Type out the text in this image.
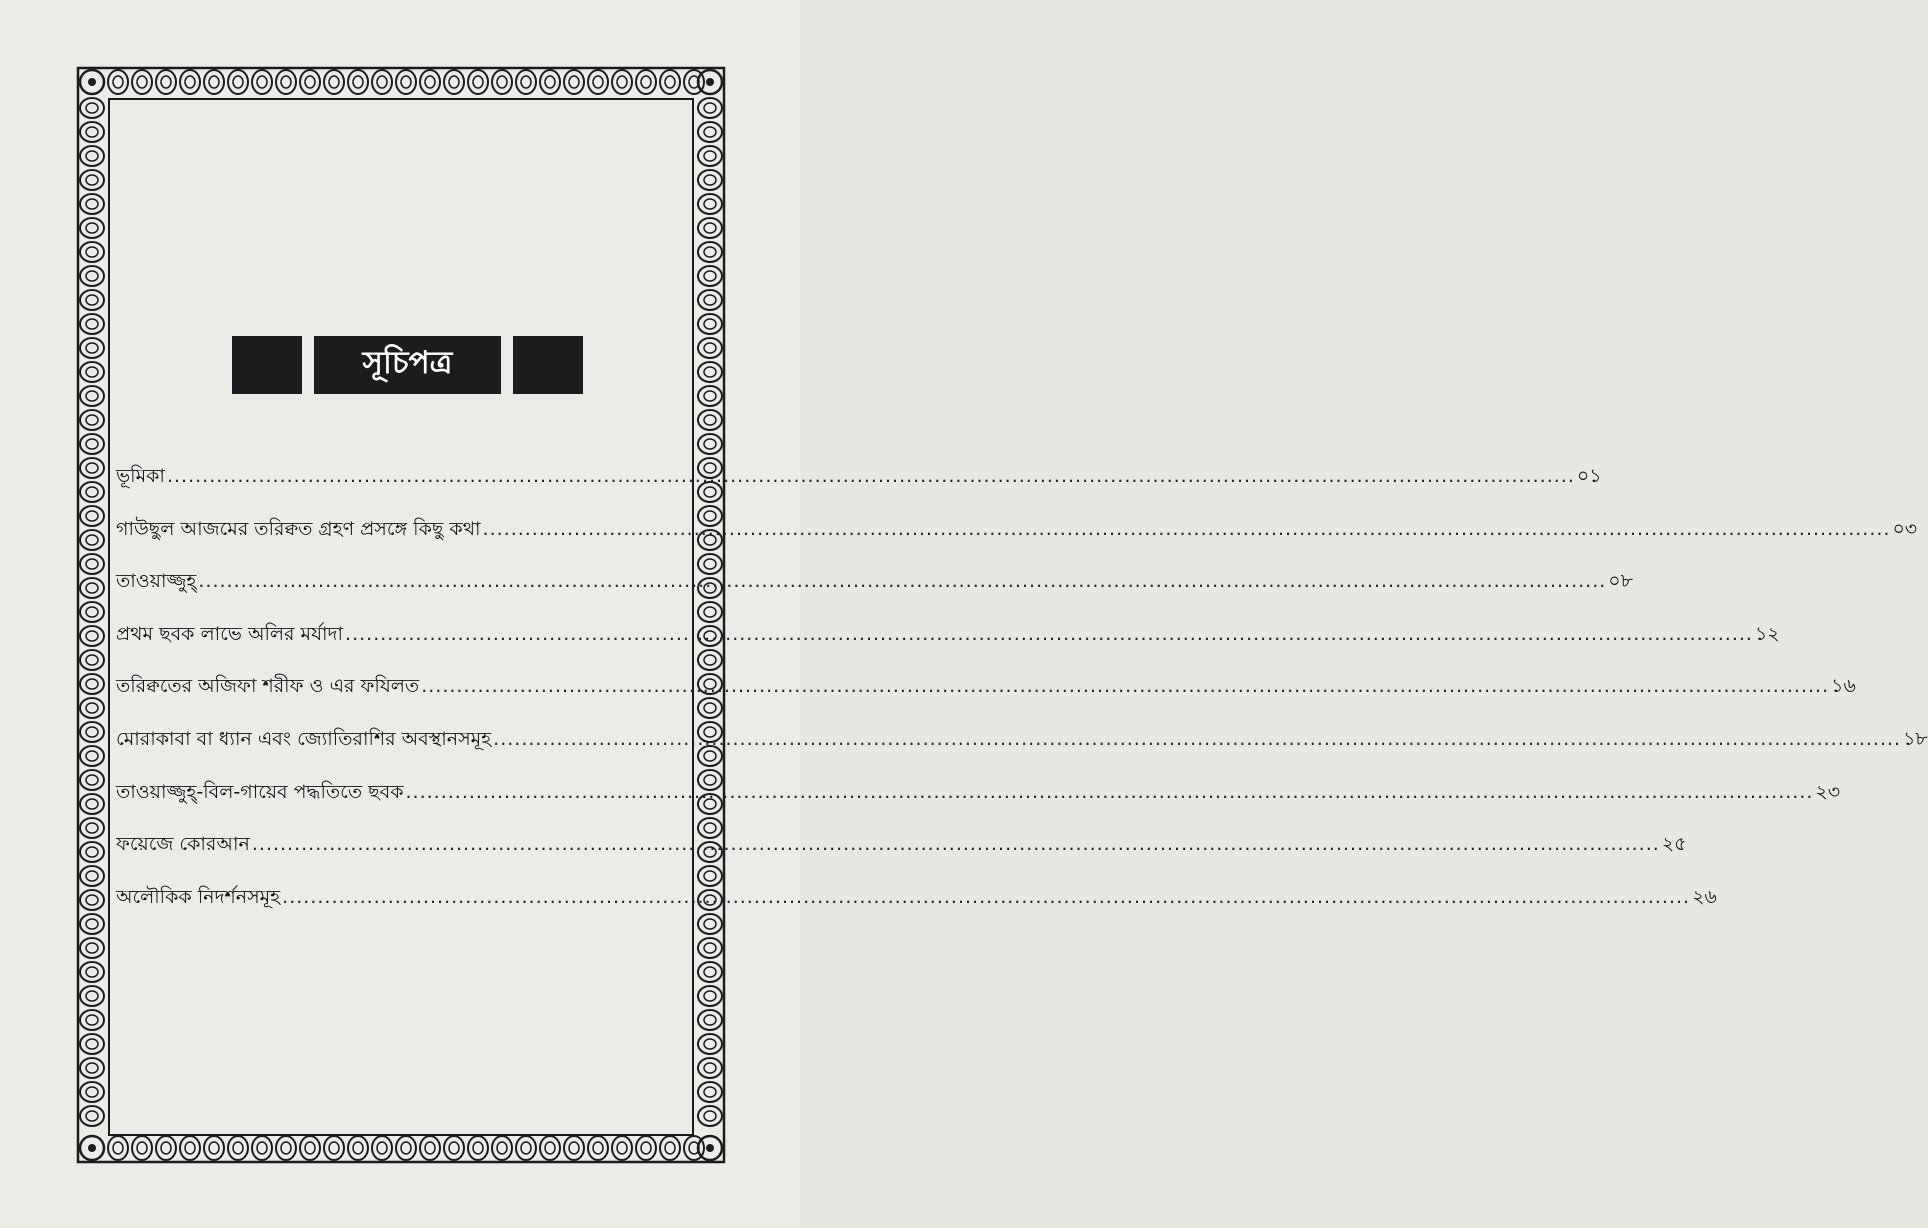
সূচিপত্র
ভূমিকা ........................................................................................................................................................................................................ ০১
গাউছুল আজমের তরিক্বত গ্রহণ প্রসঙ্গে কিছু কথা ........................................................................................................................................................................................................ ০৩
তাওয়াজ্জুহ্ ........................................................................................................................................................................................................ ০৮
প্রথম ছবক লাভে অলির মর্যাদা ........................................................................................................................................................................................................ ১২
তরিক্বতের অজিফা শরীফ ও এর ফযিলত ........................................................................................................................................................................................................ ১৬
মোরাকাবা বা ধ্যান এবং জ্যোতিরাশির অবস্থানসমূহ ........................................................................................................................................................................................................ ১৮
তাওয়াজ্জুহ্-বিল-গায়েব পদ্ধতিতে ছবক ........................................................................................................................................................................................................ ২৩
ফয়েজে কোরআন ........................................................................................................................................................................................................ ২৫
অলৌকিক নিদর্শনসমূহ ........................................................................................................................................................................................................ ২৬
